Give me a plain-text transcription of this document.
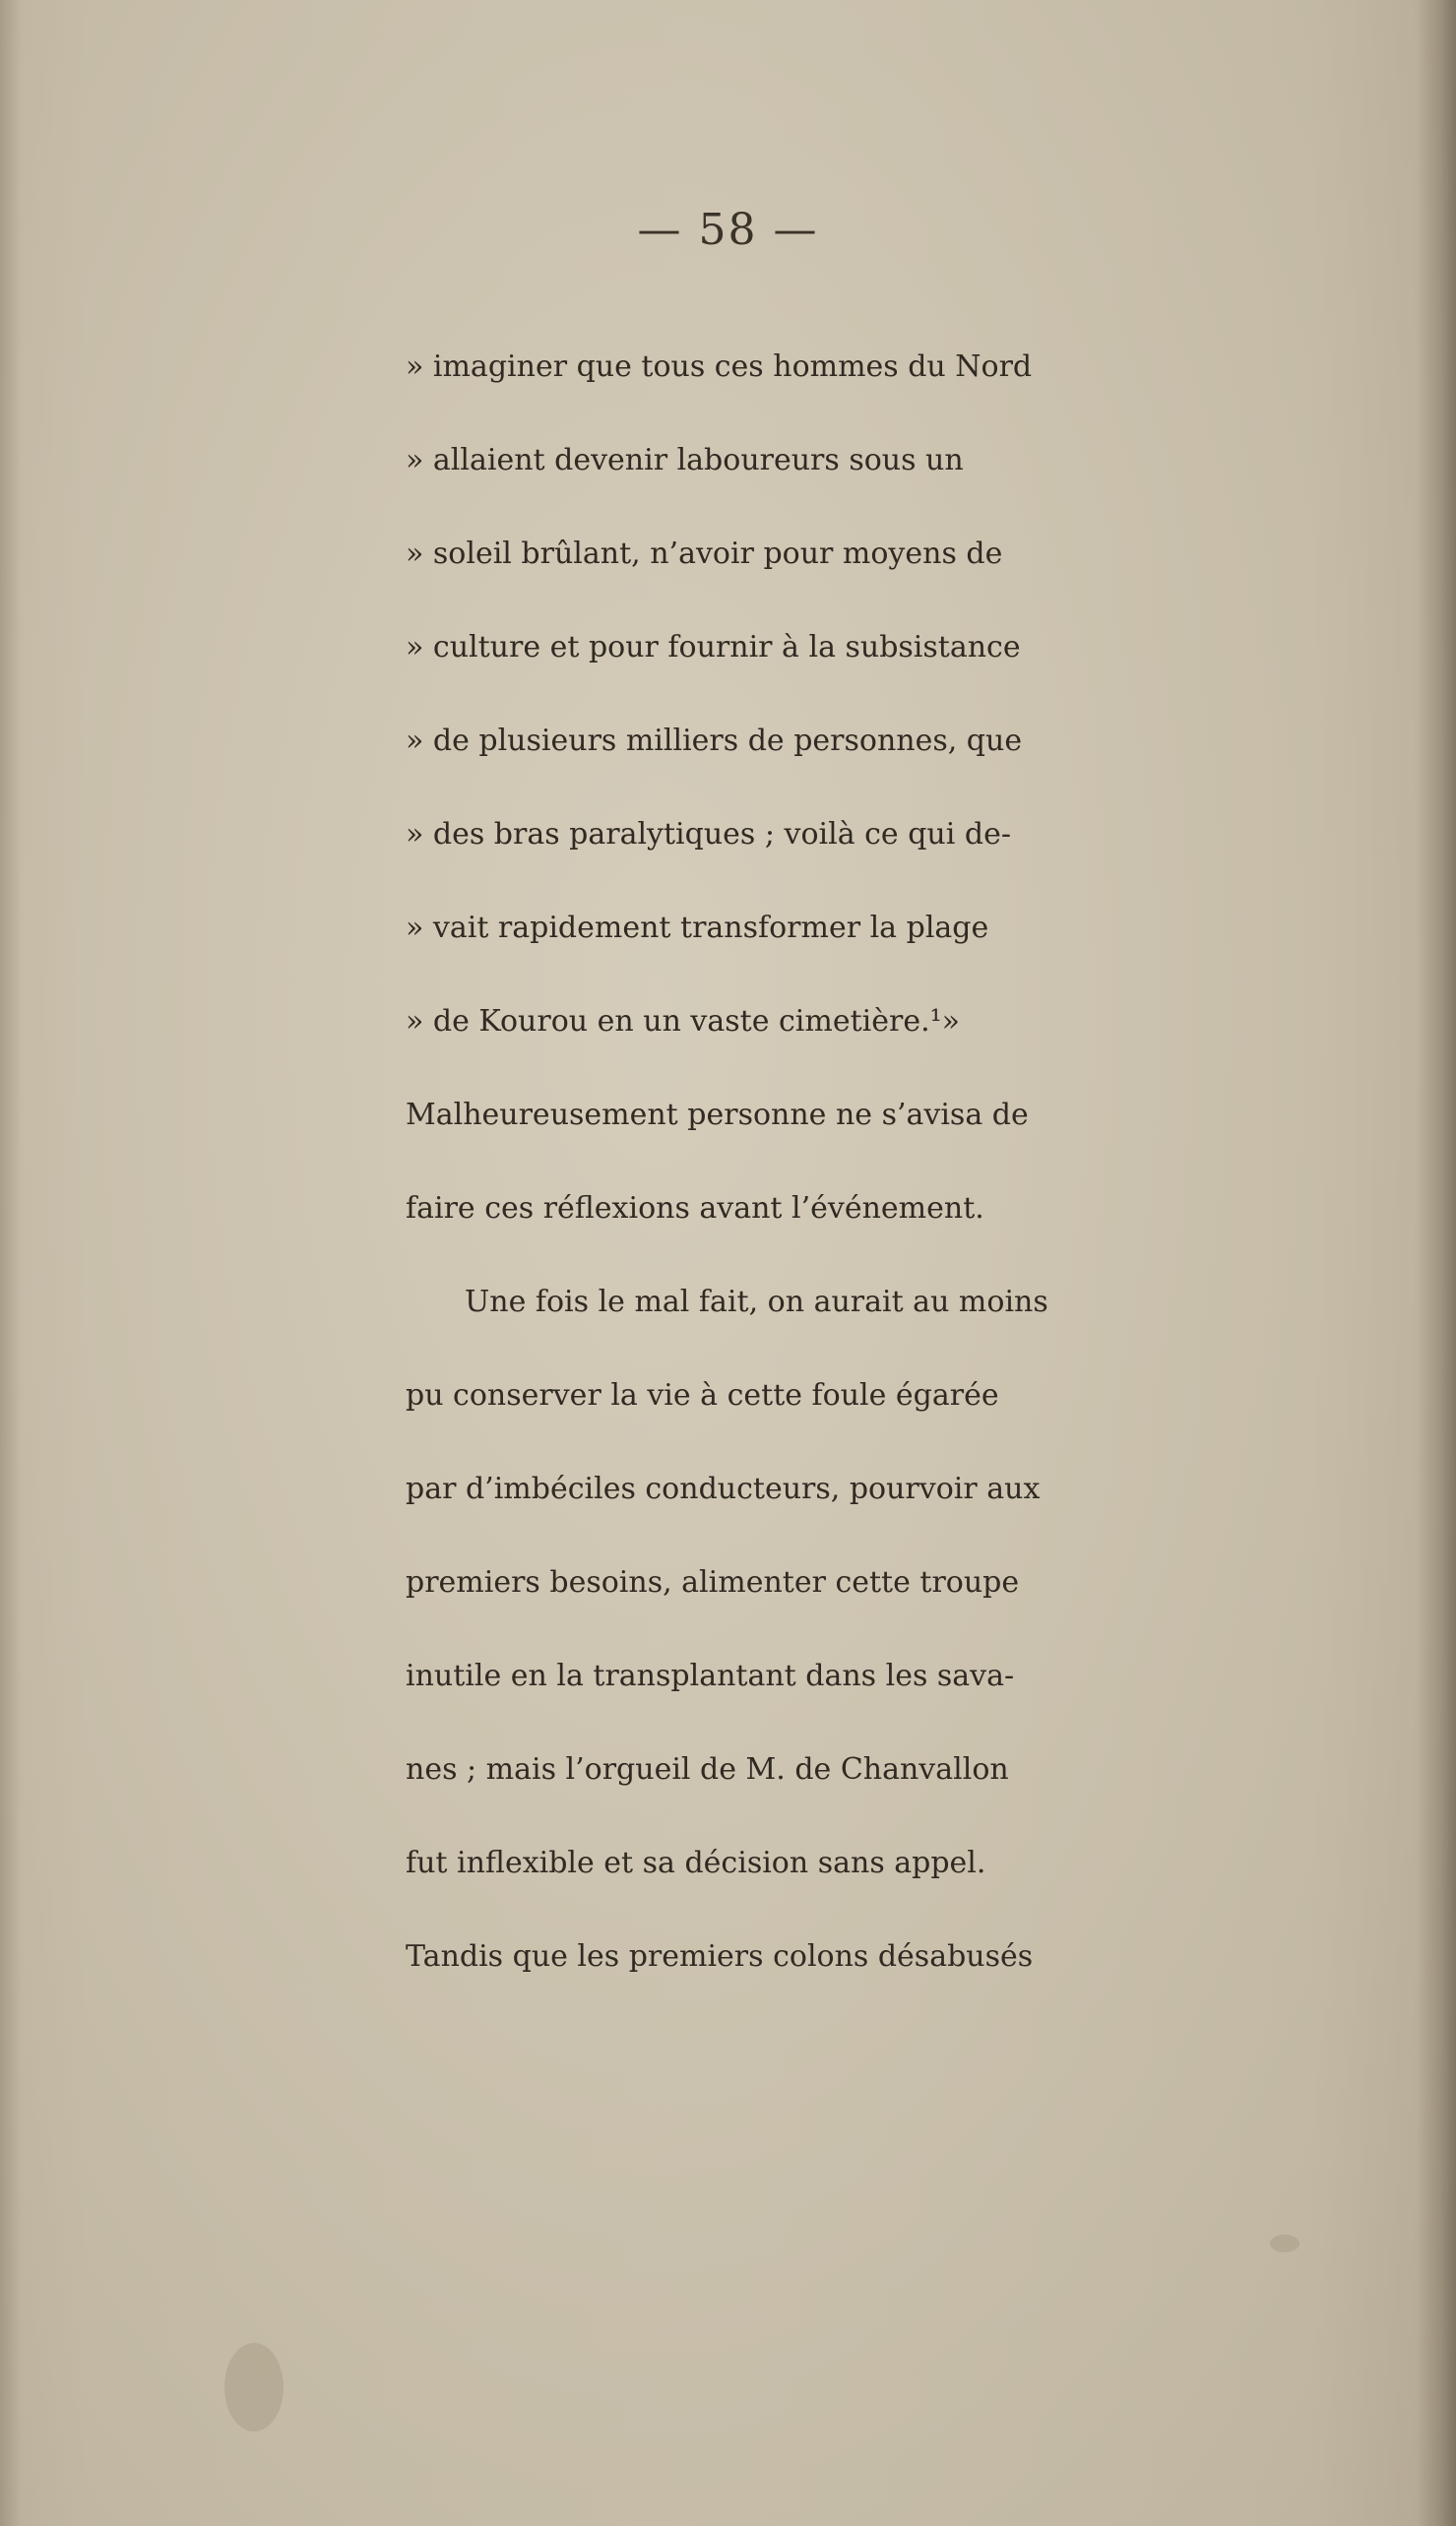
— 58 —
» imaginer que tous ces hommes du Nord
» allaient devenir laboureurs sous un
» soleil brûlant, n’avoir pour moyens de
» culture et pour fournir à la subsistance
» de plusieurs milliers de personnes, que
» des bras paralytiques ; voilà ce qui de-
» vait rapidement transformer la plage
» de Kourou en un vaste cimetière.¹»
Malheureusement personne ne s’avisa de
faire ces réflexions avant l’événement.
Une fois le mal fait, on aurait au moins
pu conserver la vie à cette foule égarée
par d’imbéciles conducteurs, pourvoir aux
premiers besoins, alimenter cette troupe
inutile en la transplantant dans les sava-
nes ; mais l’orgueil de M. de Chanvallon
fut inflexible et sa décision sans appel.
Tandis que les premiers colons désabusés
